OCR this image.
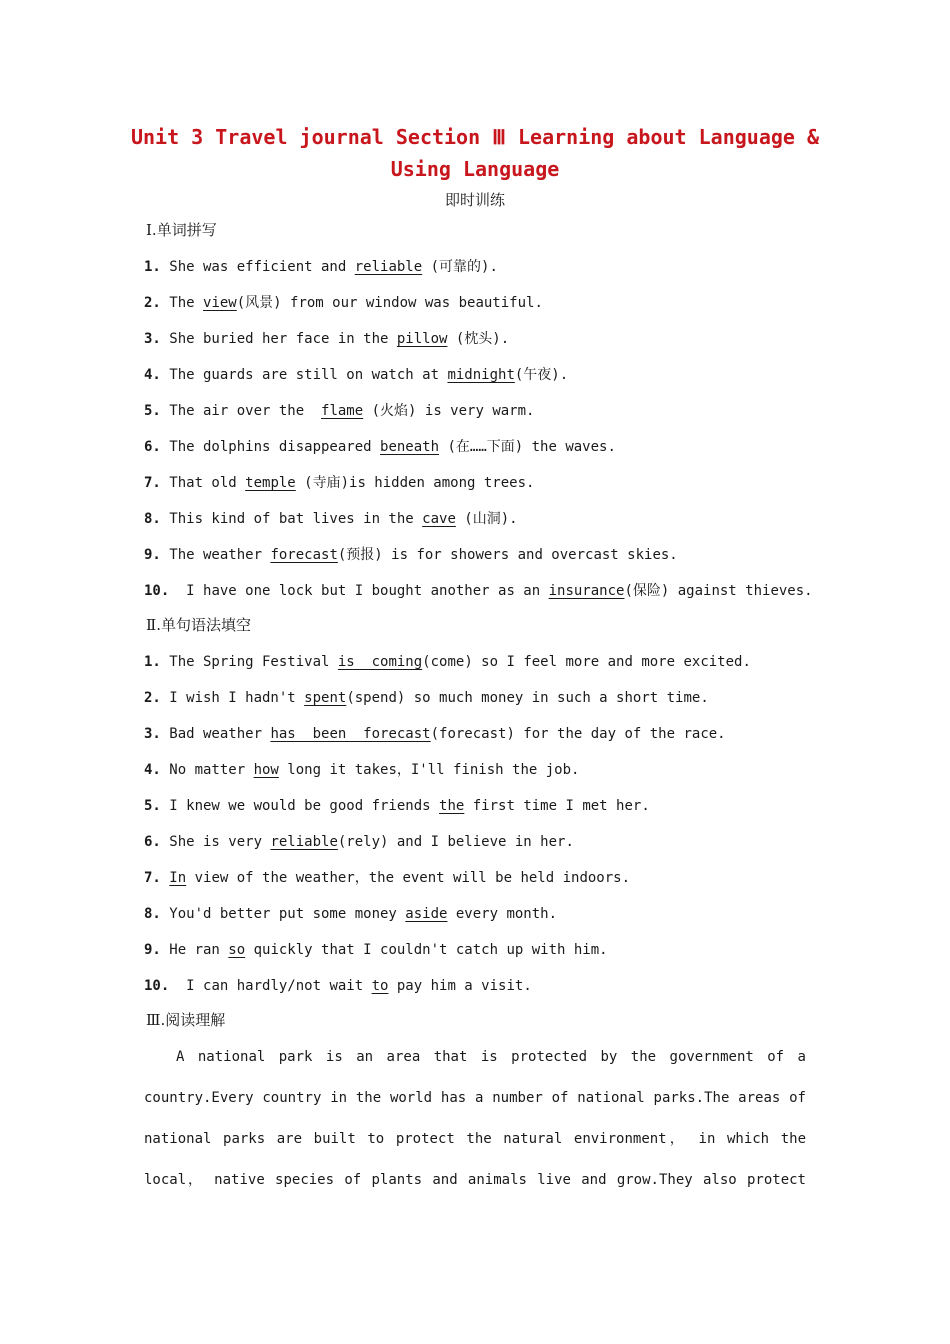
Unit 3 Travel journal Section Ⅲ Learning about Language &
Using Language
即时训练
Ⅰ.单词拼写
1. She was efficient and reliable (可靠的).
2. The view(风景) from our window was beautiful.
3. She buried her face in the pillow (枕头).
4. The guards are still on watch at midnight(午夜).
5. The air over the  flame (火焰) is very warm.
6. The dolphins disappeared beneath (在……下面) the waves.
7. That old temple (寺庙)is hidden among trees.
8. This kind of bat lives in the cave (山洞).
9. The weather forecast(预报) is for showers and overcast skies.
10.  I have one lock but I bought another as an insurance(保险) against thieves.
Ⅱ.单句语法填空
1. The Spring Festival is  coming(come) so I feel more and more excited.
2. I wish I hadn't spent(spend) so much money in such a short time.
3. Bad weather has  been  forecast(forecast) for the day of the race.
4. No matter how long it takes，I'll finish the job.
5. I knew we would be good friends the first time I met her.
6. She is very reliable(rely) and I believe in her.
7. In view of the weather，the event will be held indoors.
8. You'd better put some money aside every month.
9. He ran so quickly that I couldn't catch up with him.
10.  I can hardly/not wait to pay him a visit.
Ⅲ.阅读理解
A national park is an area that is protected by the government of a
country.Every country in the world has a number of national parks.The areas of
national parks are built to protect the natural environment， in which the
local， native species of plants and animals live and grow.They also protect
